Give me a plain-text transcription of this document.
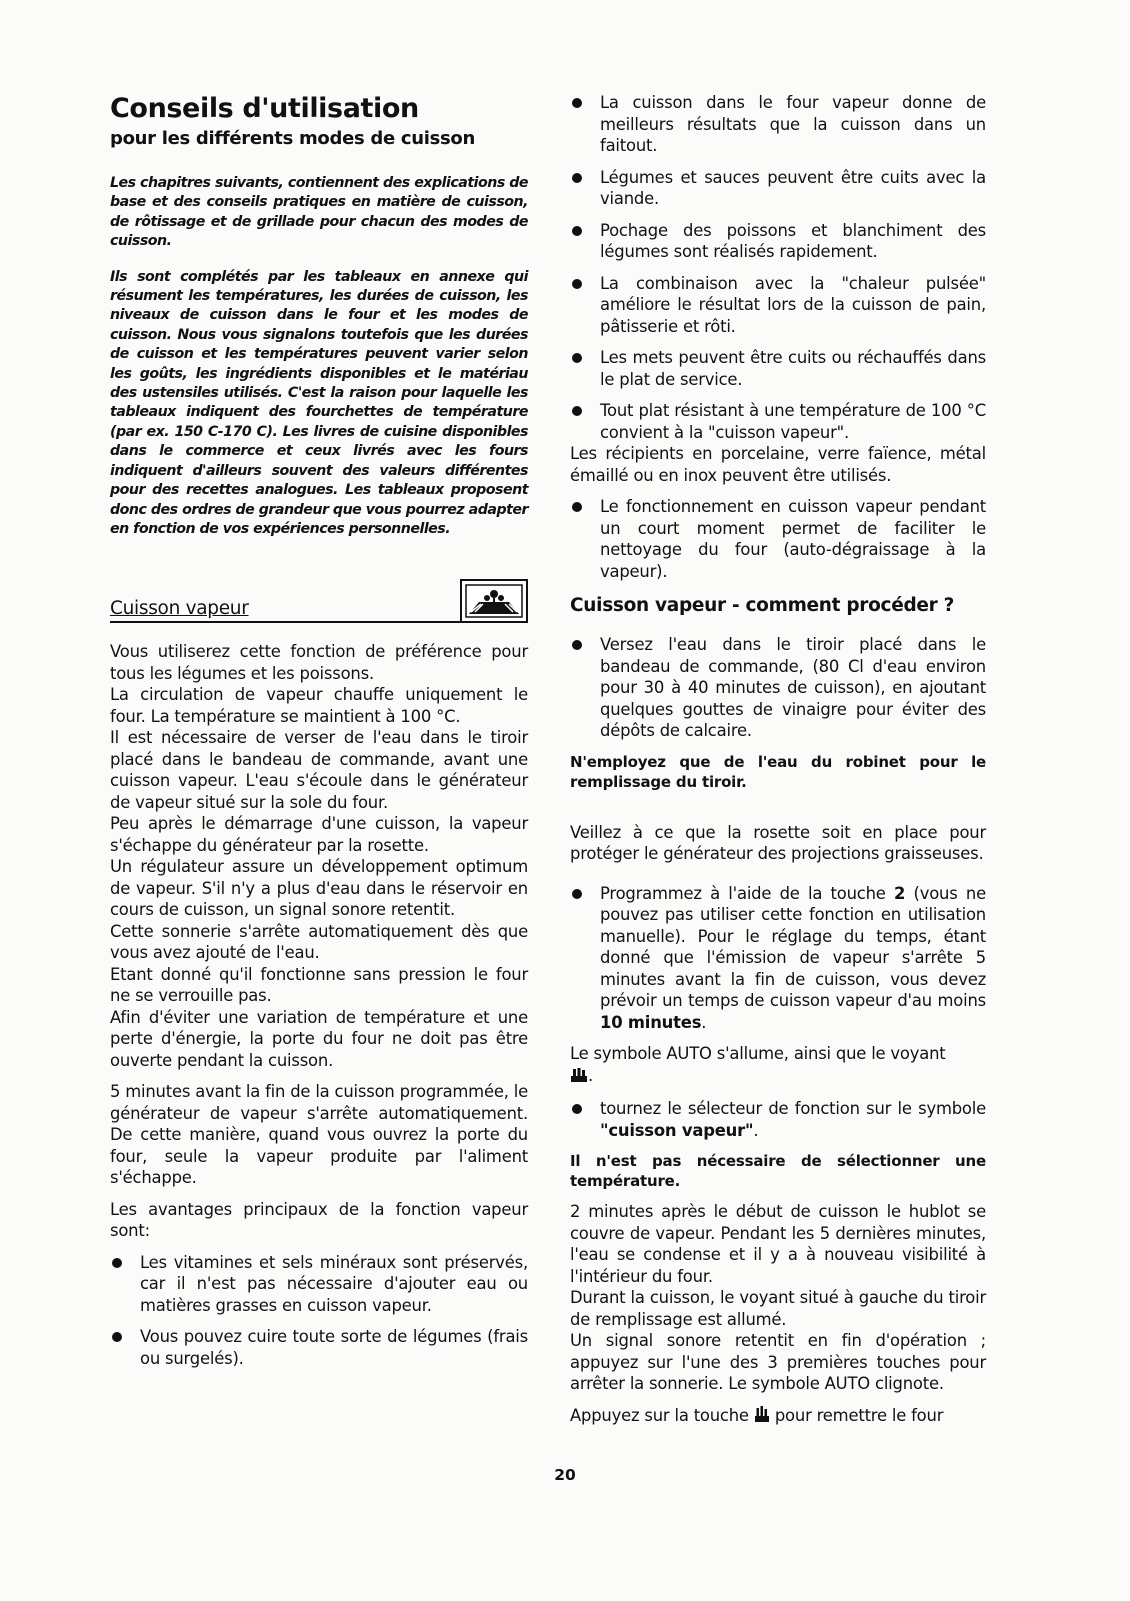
Conseils d'utilisation
pour les différents modes de cuisson

Les chapitres suivants, contiennent des explications de base et des conseils pratiques en matière de cuisson, de rôtissage et de grillade pour chacun des modes de cuisson.

Ils sont complétés par les tableaux en annexe qui résument les températures, les durées de cuisson, les niveaux de cuisson dans le four et les modes de cuisson. Nous vous signalons toutefois que les durées de cuisson et les températures peuvent varier selon les goûts, les ingrédients disponibles et le matériau des ustensiles utilisés. C'est la raison pour laquelle les tableaux indiquent des fourchettes de température (par ex. 150 C-170 C). Les livres de cuisine disponibles dans le commerce et ceux livrés avec les fours indiquent d'ailleurs souvent des valeurs différentes pour des recettes analogues. Les tableaux proposent donc des ordres de grandeur que vous pourrez adapter en fonction de vos expériences personnelles.

Cuisson vapeur

Vous utiliserez cette fonction de préférence pour tous les légumes et les poissons.

La circulation de vapeur chauffe uniquement le four. La température se maintient à 100 °C.

Il est nécessaire de verser de l'eau dans le tiroir placé dans le bandeau de commande, avant une cuisson vapeur. L'eau s'écoule dans le générateur de vapeur situé sur la sole du four.

Peu après le démarrage d'une cuisson, la vapeur s'échappe du générateur par la rosette.

Un régulateur assure un développement optimum de vapeur. S'il n'y a plus d'eau dans le réservoir en cours de cuisson, un signal sonore retentit.

Cette sonnerie s'arrête automatiquement dès que vous avez ajouté de l'eau.

Etant donné qu'il fonctionne sans pression le four ne se verrouille pas.

Afin d'éviter une variation de température et une perte d'énergie, la porte du four ne doit pas être ouverte pendant la cuisson.

5 minutes avant la fin de la cuisson programmée, le générateur de vapeur s'arrête automatiquement. De cette manière, quand vous ouvrez la porte du four, seule la vapeur produite par l'aliment s'échappe.

Les avantages principaux de la fonction vapeur sont:

Les vitamines et sels minéraux sont préservés, car il n'est pas nécessaire d'ajouter eau ou matières grasses en cuisson vapeur.

Vous pouvez cuire toute sorte de légumes (frais ou surgelés).

La cuisson dans le four vapeur donne de meilleurs résultats que la cuisson dans un faitout.

Légumes et sauces peuvent être cuits avec la viande.

Pochage des poissons et blanchiment des légumes sont réalisés rapidement.

La combinaison avec la "chaleur pulsée" améliore le résultat lors de la cuisson de pain, pâtisserie et rôti.

Les mets peuvent être cuits ou réchauffés dans le plat de service.

Tout plat résistant à une température de 100 °C convient à la "cuisson vapeur".

Les récipients en porcelaine, verre faïence, métal émaillé ou en inox peuvent être utilisés.

Le fonctionnement en cuisson vapeur pendant un court moment permet de faciliter le nettoyage du four (auto-dégraissage à la vapeur).

Cuisson vapeur - comment procéder ?

Versez l'eau dans le tiroir placé dans le bandeau de commande, (80 Cl d'eau environ pour 30 à 40 minutes de cuisson), en ajoutant quelques gouttes de vinaigre pour éviter des dépôts de calcaire.

N'employez que de l'eau du robinet pour le remplissage du tiroir.

Veillez à ce que la rosette soit en place pour protéger le générateur des projections graisseuses.

Programmez à l'aide de la touche 2 (vous ne pouvez pas utiliser cette fonction en utilisation manuelle). Pour le réglage du temps, étant donné que l'émission de vapeur s'arrête 5 minutes avant la fin de cuisson, vous devez prévoir un temps de cuisson vapeur d'au moins 10 minutes.

Le symbole AUTO s'allume, ainsi que le voyant
.

tournez le sélecteur de fonction sur le symbole "cuisson vapeur".

Il n'est pas nécessaire de sélectionner une température.

2 minutes après le début de cuisson le hublot se couvre de vapeur. Pendant les 5 dernières minutes, l'eau se condense et il y a à nouveau visibilité à l'intérieur du four.

Durant la cuisson, le voyant situé à gauche du tiroir de remplissage est allumé.

Un signal sonore retentit en fin d'opération ; appuyez sur l'une des 3 premières touches pour arrêter la sonnerie. Le symbole AUTO clignote.

Appuyez sur la touche  pour remettre le four

20
